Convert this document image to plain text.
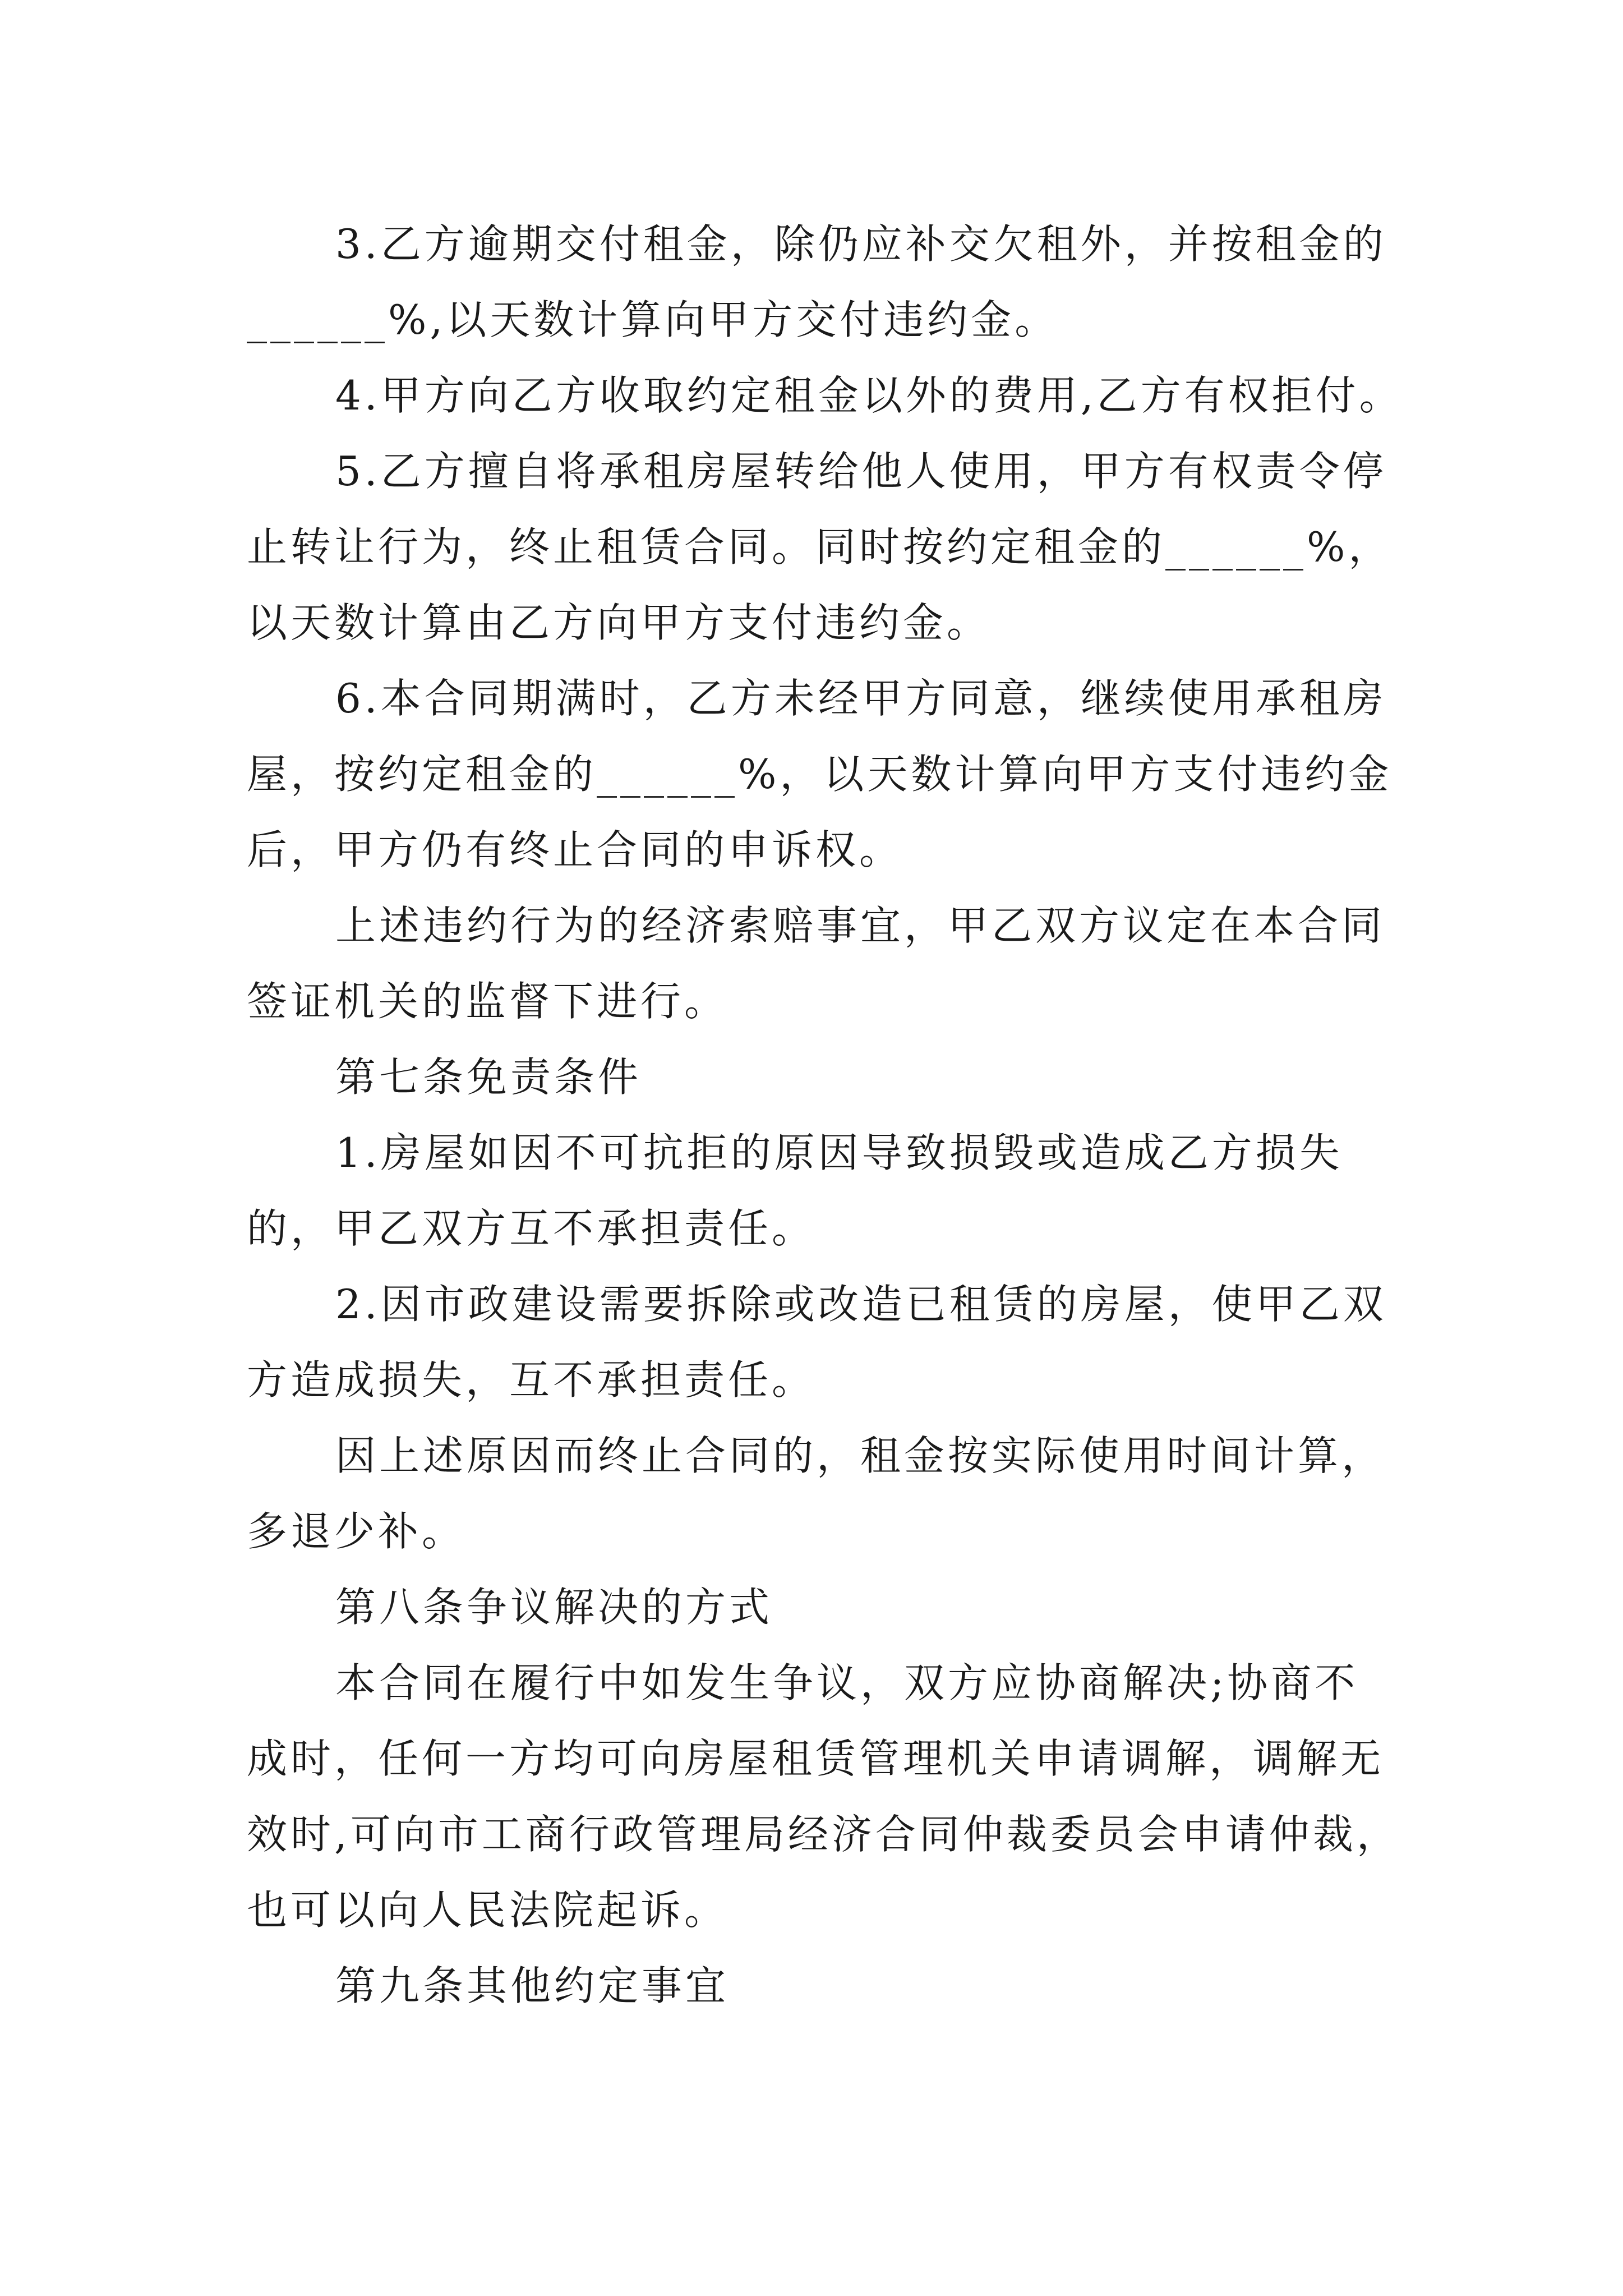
3.乙方逾期交付租金，除仍应补交欠租外，并按租金的
______%,以天数计算向甲方交付违约金。
4.甲方向乙方收取约定租金以外的费用,乙方有权拒付。
5.乙方擅自将承租房屋转给他人使用，甲方有权责令停
止转让行为，终止租赁合同。同时按约定租金的______%，
以天数计算由乙方向甲方支付违约金。
6.本合同期满时，乙方未经甲方同意，继续使用承租房
屋，按约定租金的______%，以天数计算向甲方支付违约金
后，甲方仍有终止合同的申诉权。
上述违约行为的经济索赔事宜，甲乙双方议定在本合同
签证机关的监督下进行。
第七条免责条件
1.房屋如因不可抗拒的原因导致损毁或造成乙方损失
的，甲乙双方互不承担责任。
2.因市政建设需要拆除或改造已租赁的房屋，使甲乙双
方造成损失，互不承担责任。
因上述原因而终止合同的，租金按实际使用时间计算，
多退少补。
第八条争议解决的方式
本合同在履行中如发生争议，双方应协商解决;协商不
成时，任何一方均可向房屋租赁管理机关申请调解，调解无
效时,可向市工商行政管理局经济合同仲裁委员会申请仲裁，
也可以向人民法院起诉。
第九条其他约定事宜
